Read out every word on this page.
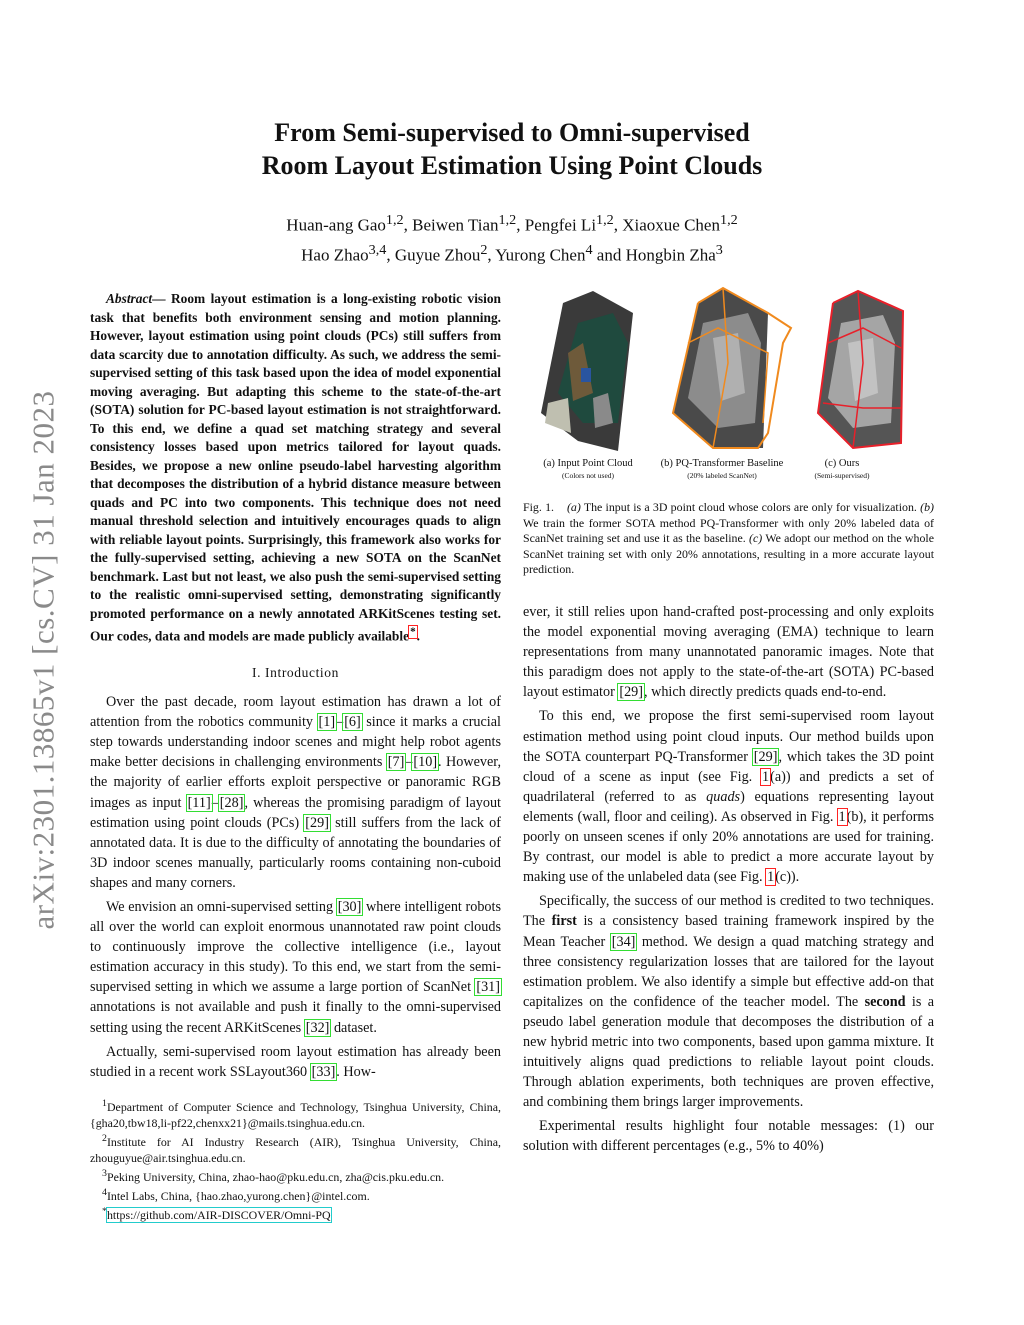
arXiv:2301.13865v1 [cs.CV] 31 Jan 2023
From Semi-supervised to Omni-supervised
Room Layout Estimation Using Point Clouds
Huan-ang Gao$^{1,2}$, Beiwen Tian$^{1,2}$, Pengfei Li$^{1,2}$, Xiaoxue Chen$^{1,2}$
Hao Zhao$^{3,4}$, Guyue Zhou$^2$, Yurong Chen$^4$ and Hongbin Zha$^3$

Abstract— Room layout estimation is a long-existing robotic vision task that benefits both environment sensing and motion planning. However, layout estimation using point clouds (PCs) still suffers from data scarcity due to annotation difficulty. As such, we address the semi-supervised setting of this task based upon the idea of model exponential moving averaging. But adapting this scheme to the state-of-the-art (SOTA) solution for PC-based layout estimation is not straightforward. To this end, we define a quad set matching strategy and several consistency losses based upon metrics tailored for layout quads. Besides, we propose a new online pseudo-label harvesting algorithm that decomposes the distribution of a hybrid distance measure between quads and PC into two components. This technique does not need manual threshold selection and intuitively encourages quads to align with reliable layout points. Surprisingly, this framework also works for the fully-supervised setting, achieving a new SOTA on the ScanNet benchmark. Last but not least, we also push the semi-supervised setting to the realistic omni-supervised setting, demonstrating significantly promoted performance on a newly annotated ARKitScenes testing set. Our codes, data and models are made publicly available*.

I. Introduction

Over the past decade, room layout estimation has drawn a lot of attention from the robotics community [1]–[6] since it marks a crucial step towards understanding indoor scenes and might help robot agents make better decisions in challenging environments [7]–[10]. However, the majority of earlier efforts exploit perspective or panoramic RGB images as input [11]–[28], whereas the promising paradigm of layout estimation using point clouds (PCs) [29] still suffers from the lack of annotated data. It is due to the difficulty of annotating the boundaries of 3D indoor scenes manually, particularly rooms containing non-cuboid shapes and many corners.

We envision an omni-supervised setting [30] where intelligent robots all over the world can exploit enormous unannotated raw point clouds to continuously improve the collective intelligence (i.e., layout estimation accuracy in this study). To this end, we start from the semi-supervised setting in which we assume a large portion of ScanNet [31] annotations is not available and push it finally to the omni-supervised setting using the recent ARKitScenes [32] dataset.

Actually, semi-supervised room layout estimation has already been studied in a recent work SSLayout360 [33]. How-

$^1$Department of Computer Science and Technology, Tsinghua University, China, {gha20,tbw18,li-pf22,chenxx21}@mails.tsinghua.edu.cn.

$^2$Institute for AI Industry Research (AIR), Tsinghua University, China, zhouguyue@air.tsinghua.edu.cn.

$^3$Peking University, China, zhao-hao@pku.edu.cn, zha@cis.pku.edu.cn.

$^4$Intel Labs, China, {hao.zhao,yurong.chen}@intel.com.

*https://github.com/AIR-DISCOVER/Omni-PQ

(a) Input Point Cloud
(Colors not used)
(b) PQ-Transformer Baseline
(20% labeled ScanNet)
(c) Ours
(Semi-supervised)
Fig. 1.    (a) The input is a 3D point cloud whose colors are only for visualization. (b) We train the former SOTA method PQ-Transformer with only 20% labeled data of ScanNet training set and use it as the baseline. (c) We adopt our method on the whole ScanNet training set with only 20% annotations, resulting in a more accurate layout prediction.

ever, it still relies upon hand-crafted post-processing and only exploits the model exponential moving averaging (EMA) technique to learn representations from many unannotated panoramic images. Note that this paradigm does not apply to the state-of-the-art (SOTA) PC-based layout estimator [29], which directly predicts quads end-to-end.

To this end, we propose the first semi-supervised room layout estimation method using point cloud inputs. Our method builds upon the SOTA counterpart PQ-Transformer [29], which takes the 3D point cloud of a scene as input (see Fig. 1(a)) and predicts a set of quadrilateral (referred to as quads) equations representing layout elements (wall, floor and ceiling). As observed in Fig. 1(b), it performs poorly on unseen scenes if only 20% annotations are used for training. By contrast, our model is able to predict a more accurate layout by making use of the unlabeled data (see Fig. 1(c)).

Specifically, the success of our method is credited to two techniques. The first is a consistency based training framework inspired by the Mean Teacher [34] method. We design a quad matching strategy and three consistency regularization losses that are tailored for the layout estimation problem. We also identify a simple but effective add-on that capitalizes on the confidence of the teacher model. The second is a pseudo label generation module that decomposes the distribution of a new hybrid metric into two components, based upon gamma mixture. It intuitively aligns quad predictions to reliable layout point clouds. Through ablation experiments, both techniques are proven effective, and combining them brings larger improvements.

Experimental results highlight four notable messages: (1) our solution with different percentages (e.g., 5% to 40%)
